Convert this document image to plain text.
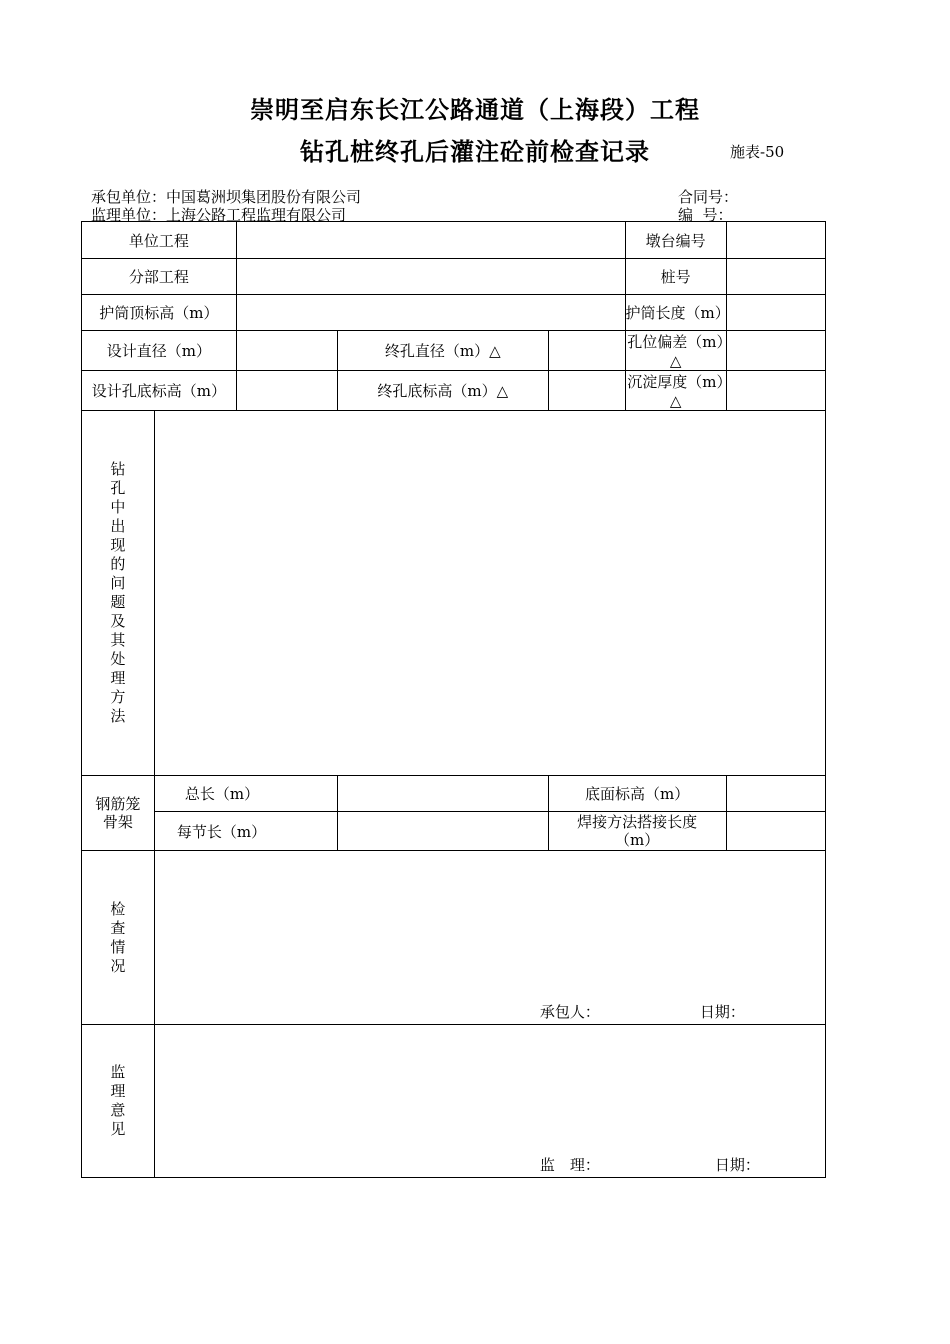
崇明至启东长江公路通道（上海段）工程
钻孔桩终孔后灌注砼前检查记录	施表-50
承包单位：中国葛洲坝集团股份有限公司
监理单位：上海公路工程监理有限公司
合同号：
编  号：
单位工程					墩台编号	
分部工程					桩号	
护筒顶标高（m）					护筒长度（m）	
设计直径（m）			终孔直径（m）△		孔位偏差（m）△	
设计孔底标高（m）			终孔底标高（m）△		沉淀厚度（m）△	
钻孔中出现的问题及其处理方法						

钢筋笼
骨架	总长（m）			底面标高（m）		
	每节长（m）			焊接方法搭接长度
（m）		

检查情况	承包人： 日期：					

监理意见	监　理： 日期：					
